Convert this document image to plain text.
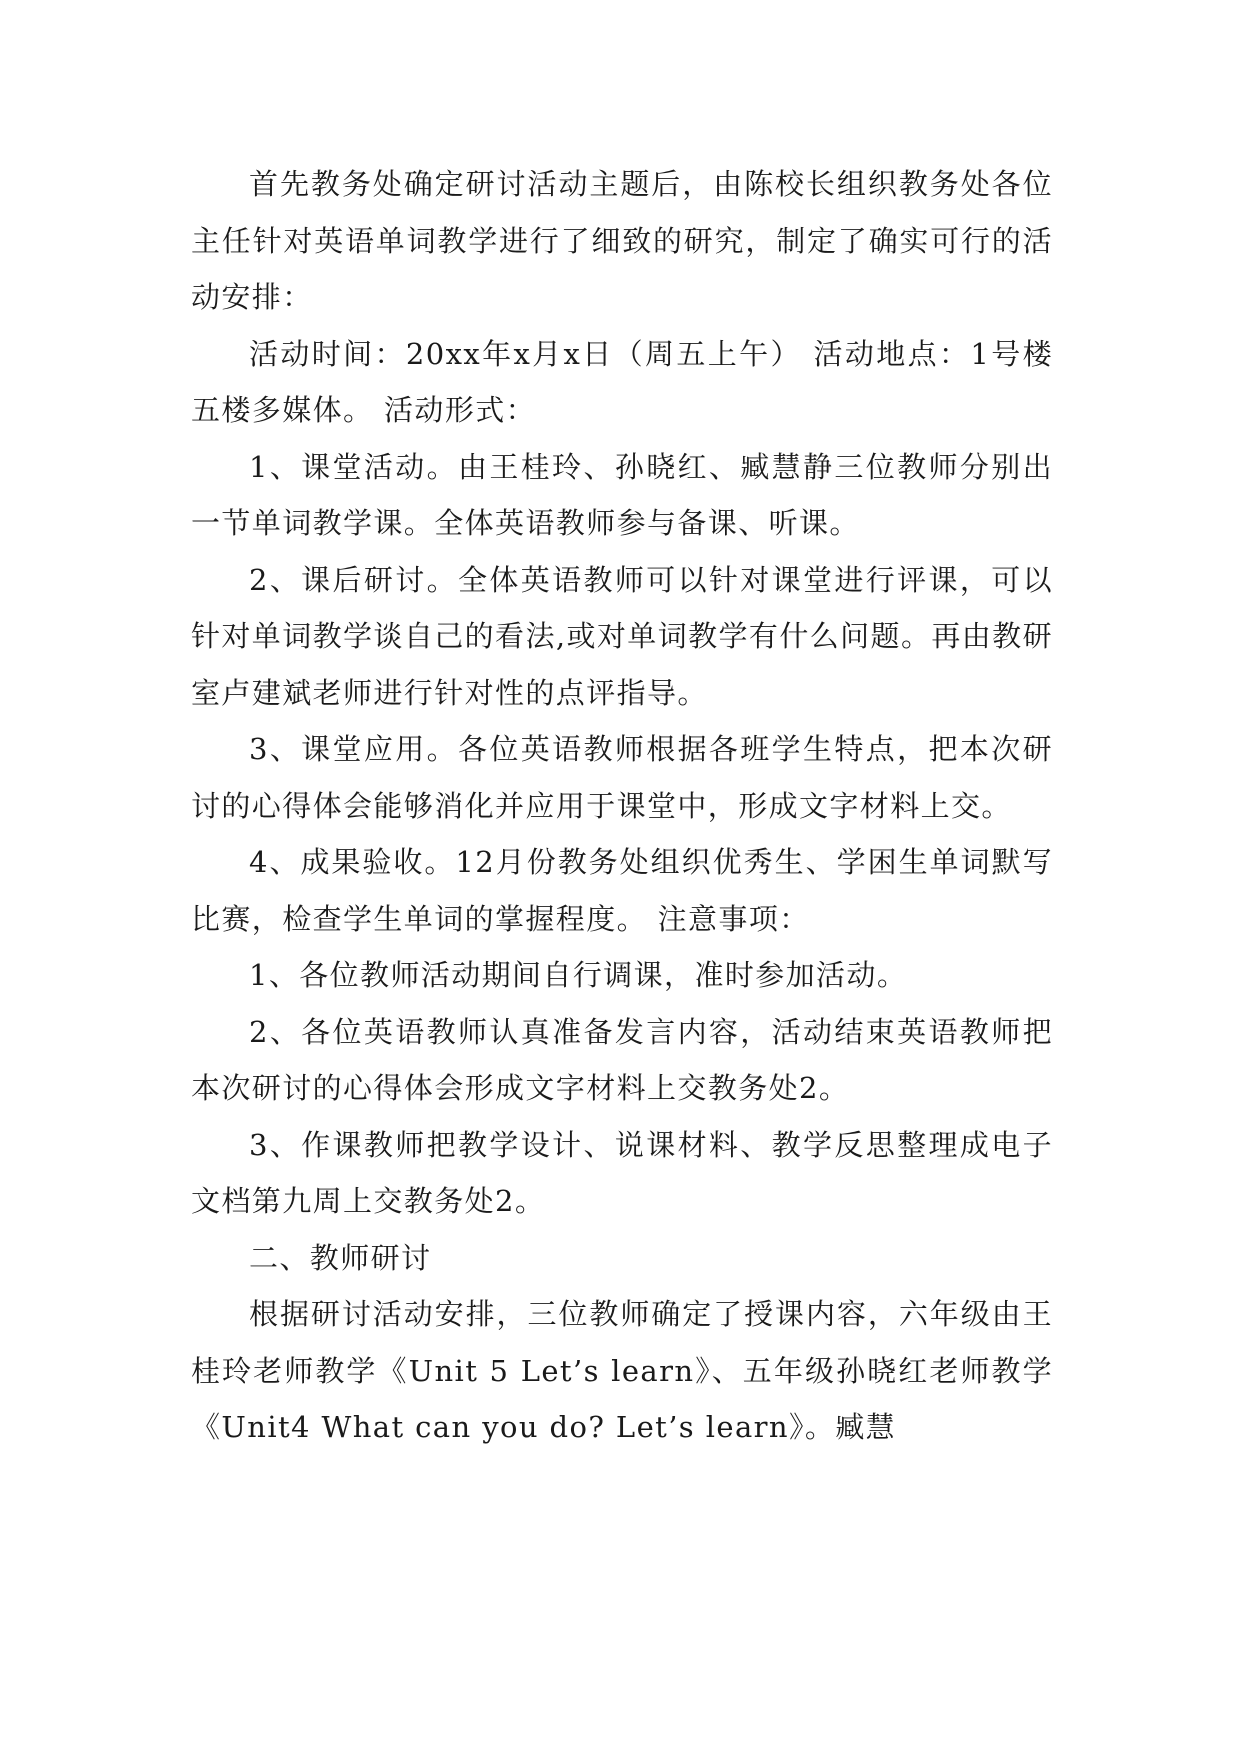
首先教务处确定研讨活动主题后，由陈校长组织教务处各位主任针对英语单词教学进行了细致的研究，制定了确实可行的活动安排：

活动时间：20xx年x月x日（周五上午） 活动地点：1号楼五楼多媒体。 活动形式：

1、课堂活动。由王桂玲、孙晓红、臧慧静三位教师分别出一节单词教学课。全体英语教师参与备课、听课。

2、课后研讨。全体英语教师可以针对课堂进行评课，可以针对单词教学谈自己的看法,或对单词教学有什么问题。再由教研室卢建斌老师进行针对性的点评指导。

3、课堂应用。各位英语教师根据各班学生特点，把本次研讨的心得体会能够消化并应用于课堂中，形成文字材料上交。

4、成果验收。12月份教务处组织优秀生、学困生单词默写比赛，检查学生单词的掌握程度。 注意事项：

1、各位教师活动期间自行调课，准时参加活动。

2、各位英语教师认真准备发言内容，活动结束英语教师把本次研讨的心得体会形成文字材料上交教务处2。

3、作课教师把教学设计、说课材料、教学反思整理成电子文档第九周上交教务处2。

二、教师研讨

根据研讨活动安排，三位教师确定了授课内容，六年级由王桂玲老师教学《Unit 5 Let’s learn》、五年级孙晓红老师教学《Unit4 What can you do? Let’s learn》。臧慧
